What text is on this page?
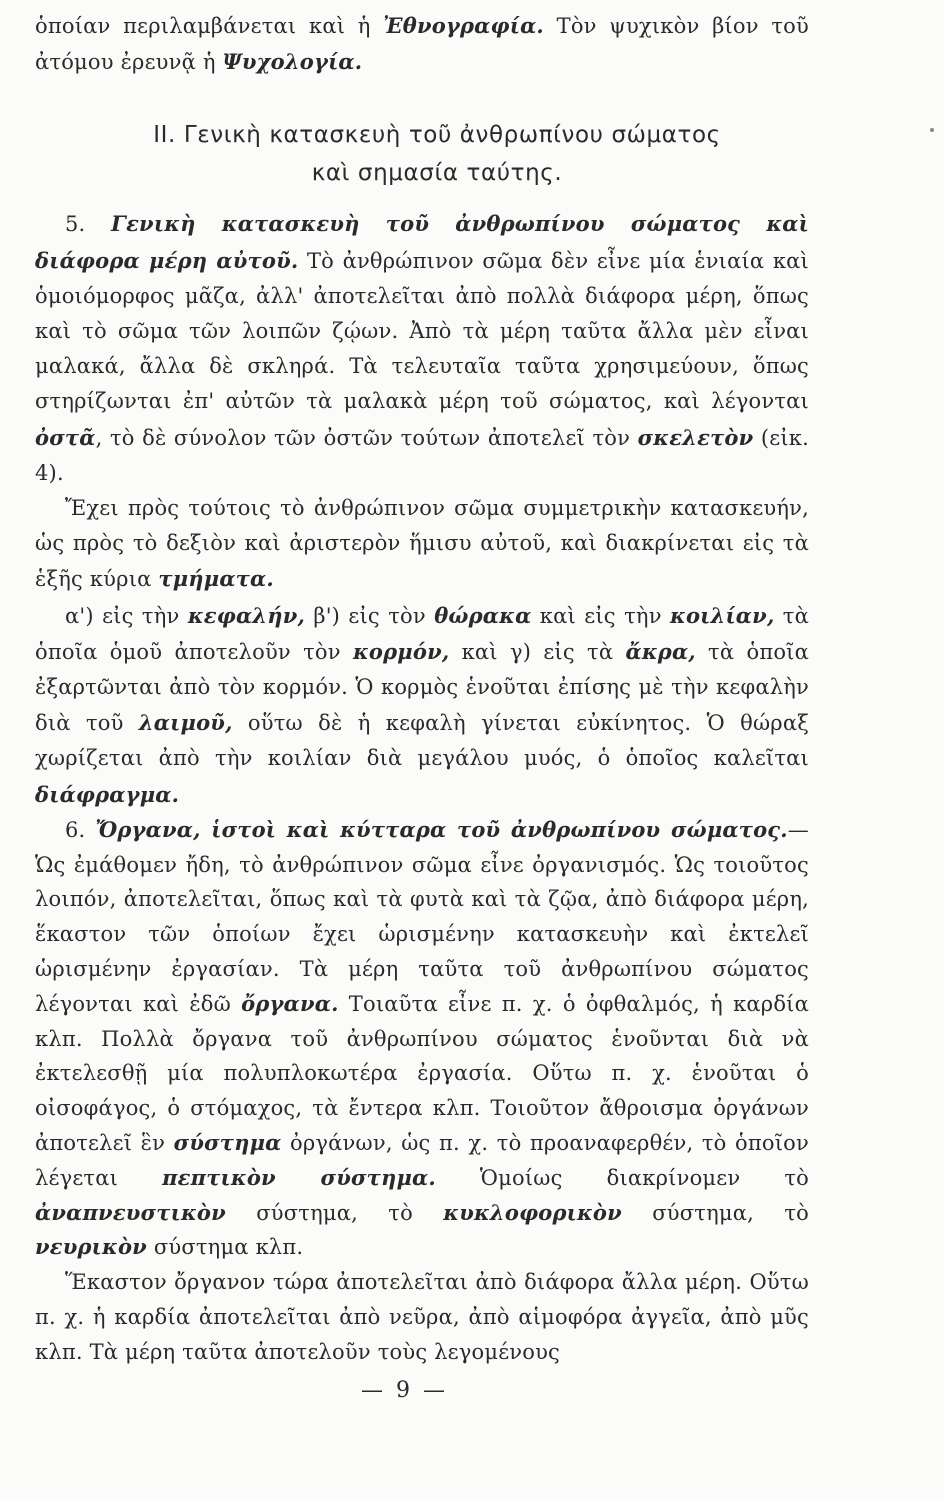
ὁποίαν περιλαμβάνεται καὶ ἡ Ἐθνογραφία. Τὸν ψυχικὸν βίον τοῦ ἀτόμου ἐρευνᾷ ἡ Ψυχολογία.

II. Γενικὴ κατασκευὴ τοῦ ἀνθρωπίνου σώματος
καὶ σημασία ταύτης.

5. Γενικὴ κατασκευὴ τοῦ ἀνθρωπίνου σώματος καὶ διάφορα μέρη αὐτοῦ. Τὸ ἀνθρώπινον σῶμα δὲν εἶνε μία ἑνιαία καὶ ὁμοιόμορφος μᾶζα, ἀλλ' ἀποτελεῖται ἀπὸ πολλὰ διάφορα μέρη, ὅπως καὶ τὸ σῶμα τῶν λοιπῶν ζῴων. Ἀπὸ τὰ μέρη ταῦτα ἄλλα μὲν εἶναι μαλακά, ἄλλα δὲ σκληρά. Τὰ τελευταῖα ταῦτα χρησιμεύουν, ὅπως στηρίζωνται ἐπ' αὐτῶν τὰ μαλακὰ μέρη τοῦ σώματος, καὶ λέγονται ὀστᾶ, τὸ δὲ σύνολον τῶν ὀστῶν τούτων ἀποτελεῖ τὸν σκελετὸν (εἰκ. 4).

Ἔχει πρὸς τούτοις τὸ ἀνθρώπινον σῶμα συμμετρικὴν κατασκευήν, ὡς πρὸς τὸ δεξιὸν καὶ ἀριστερὸν ἥμισυ αὐτοῦ, καὶ διακρίνεται εἰς τὰ ἑξῆς κύρια τμήματα.

α') εἰς τὴν κεφαλήν, β') εἰς τὸν θώρακα καὶ εἰς τὴν κοιλίαν, τὰ ὁποῖα ὁμοῦ ἀποτελοῦν τὸν κορμόν, καὶ γ) εἰς τὰ ἄκρα, τὰ ὁποῖα ἐξαρτῶνται ἀπὸ τὸν κορμόν. Ὁ κορμὸς ἑνοῦται ἐπίσης μὲ τὴν κεφαλὴν διὰ τοῦ λαιμοῦ, οὕτω δὲ ἡ κεφαλὴ γίνεται εὐκίνητος. Ὁ θώραξ χωρίζεται ἀπὸ τὴν κοιλίαν διὰ μεγάλου μυός, ὁ ὁποῖος καλεῖται διάφραγμα.

6. Ὄργανα, ἱστοὶ καὶ κύτταρα τοῦ ἀνθρωπίνου σώματος.—Ὡς ἐμάθομεν ἤδη, τὸ ἀνθρώπινον σῶμα εἶνε ὀργανισμός. Ὡς τοιοῦτος λοιπόν, ἀποτελεῖται, ὅπως καὶ τὰ φυτὰ καὶ τὰ ζῷα, ἀπὸ διάφορα μέρη, ἕκαστον τῶν ὁποίων ἔχει ὡρισμένην κατασκευὴν καὶ ἐκτελεῖ ὡρισμένην ἐργασίαν. Τὰ μέρη ταῦτα τοῦ ἀνθρωπίνου σώματος λέγονται καὶ ἐδῶ ὄργανα. Τοιαῦτα εἶνε π. χ. ὁ ὀφθαλμός, ἡ καρδία κλπ. Πολλὰ ὄργανα τοῦ ἀνθρωπίνου σώματος ἑνοῦνται διὰ νὰ ἐκτελεσθῇ μία πολυπλοκωτέρα ἐργασία. Οὕτω π. χ. ἑνοῦται ὁ οἰσοφάγος, ὁ στόμαχος, τὰ ἔντερα κλπ. Τοιοῦτον ἄθροισμα ὀργάνων ἀποτελεῖ ἓν σύστημα ὀργάνων, ὡς π. χ. τὸ προαναφερθέν, τὸ ὁποῖον λέγεται πεπτικὸν σύστημα. Ὁμοίως διακρίνομεν τὸ ἀναπνευστικὸν σύστημα, τὸ κυκλοφορικὸν σύστημα, τὸ νευρικὸν σύστημα κλπ.

Ἕκαστον ὄργανον τώρα ἀποτελεῖται ἀπὸ διάφορα ἄλλα μέρη. Οὕτω π. χ. ἡ καρδία ἀποτελεῖται ἀπὸ νεῦρα, ἀπὸ αἱμοφόρα ἀγγεῖα, ἀπὸ μῦς κλπ. Τὰ μέρη ταῦτα ἀποτελοῦν τοὺς λεγομένους

— 9 —
